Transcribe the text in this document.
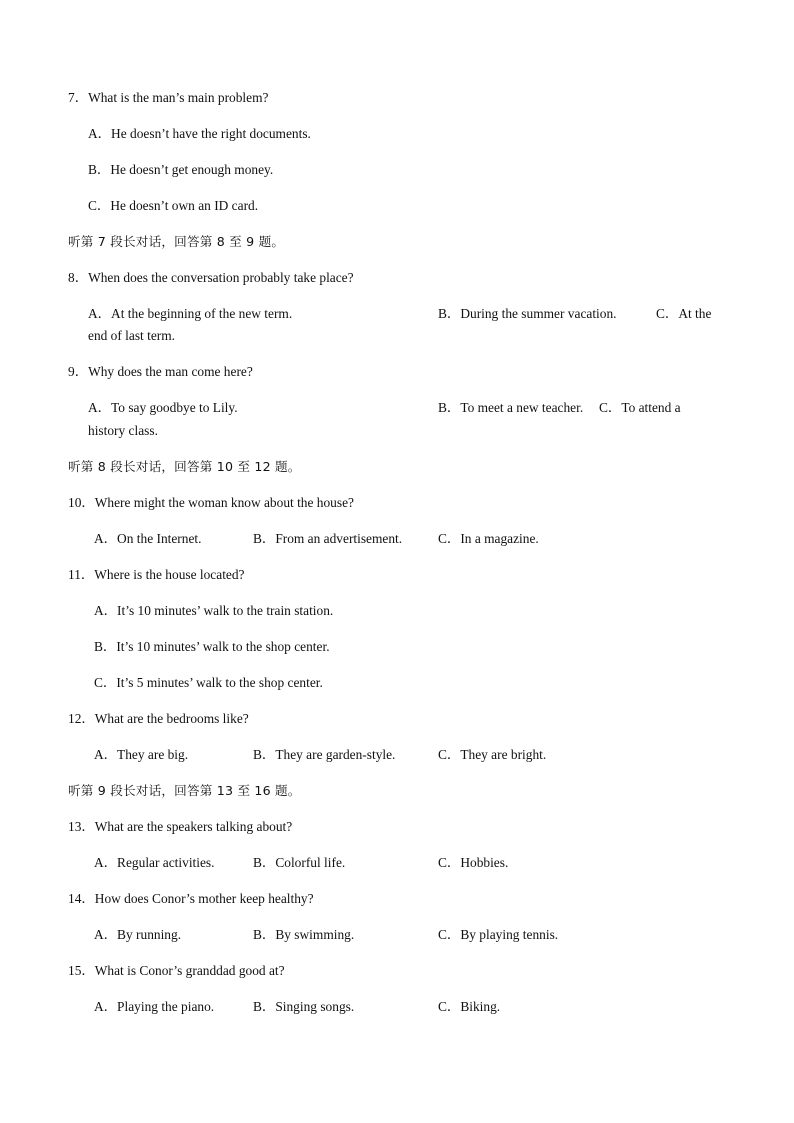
7．What is the man’s main problem?
A．He doesn’t have the right documents.
B．He doesn’t get enough money.
C．He doesn’t own an ID card.
听第 7 段长对话，回答第 8 至 9 题。
8．When does the conversation probably take place?
A．At the beginning of the new term.	B．During the summer vacation.	C．At the
end of last term.
9．Why does the man come here?
A．To say goodbye to Lily.	B．To meet a new teacher. C．To attend a
history class.
听第 8 段长对话，回答第 10 至 12 题。
10．Where might the woman know about the house?
A．On the Internet.	B．From an advertisement.	C．In a magazine.
11．Where is the house located?
A．It’s 10 minutes’ walk to the train station.
B．It’s 10 minutes’ walk to the shop center.
C．It’s 5 minutes’ walk to the shop center.
12．What are the bedrooms like?
A．They are big.	B．They are garden-style.	C．They are bright.
听第 9 段长对话，回答第 13 至 16 题。
13．What are the speakers talking about?
A．Regular activities.	B．Colorful life.	C．Hobbies.
14．How does Conor’s mother keep healthy?
A．By running.	B．By swimming.	C．By playing tennis.
15．What is Conor’s granddad good at?
A．Playing the piano.	B．Singing songs.	C．Biking.
